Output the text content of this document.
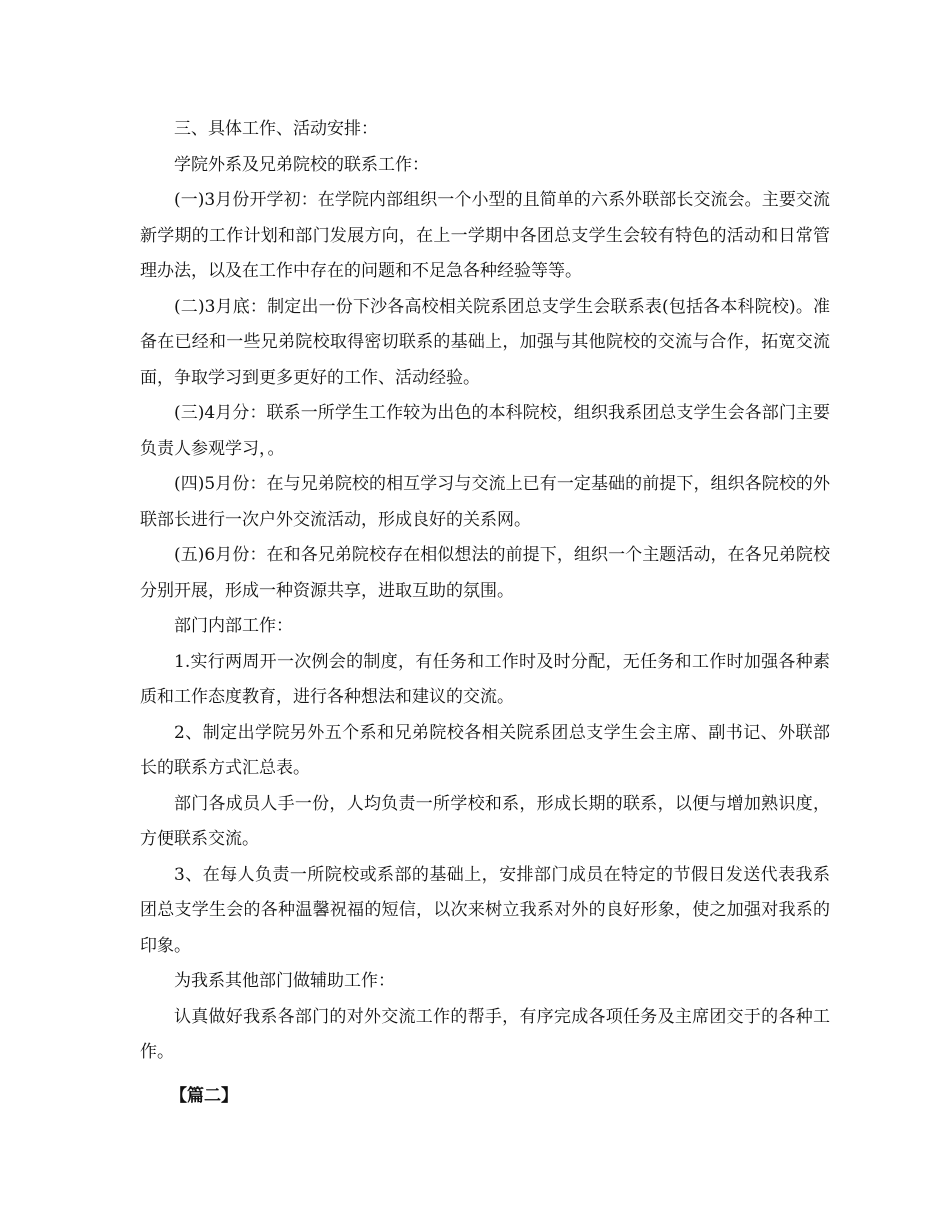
三、具体工作、活动安排：

学院外系及兄弟院校的联系工作：

(一)3月份开学初：在学院内部组织一个小型的且简单的六系外联部长交流会。主要交流新学期的工作计划和部门发展方向，在上一学期中各团总支学生会较有特色的活动和日常管理办法，以及在工作中存在的问题和不足急各种经验等等。

(二)3月底：制定出一份下沙各高校相关院系团总支学生会联系表(包括各本科院校)。准备在已经和一些兄弟院校取得密切联系的基础上，加强与其他院校的交流与合作，拓宽交流面，争取学习到更多更好的工作、活动经验。

(三)4月分：联系一所学生工作较为出色的本科院校，组织我系团总支学生会各部门主要负责人参观学习，。

(四)5月份：在与兄弟院校的相互学习与交流上已有一定基础的前提下，组织各院校的外联部长进行一次户外交流活动，形成良好的关系网。

(五)6月份：在和各兄弟院校存在相似想法的前提下，组织一个主题活动，在各兄弟院校分别开展，形成一种资源共享，进取互助的氛围。

部门内部工作：

1.实行两周开一次例会的制度，有任务和工作时及时分配，无任务和工作时加强各种素质和工作态度教育，进行各种想法和建议的交流。

2、制定出学院另外五个系和兄弟院校各相关院系团总支学生会主席、副书记、外联部长的联系方式汇总表。

部门各成员人手一份，人均负责一所学校和系，形成长期的联系，以便与增加熟识度，方便联系交流。

3、在每人负责一所院校或系部的基础上，安排部门成员在特定的节假日发送代表我系团总支学生会的各种温馨祝福的短信，以次来树立我系对外的良好形象，使之加强对我系的印象。

为我系其他部门做辅助工作：

认真做好我系各部门的对外交流工作的帮手，有序完成各项任务及主席团交于的各种工作。

【篇二】
